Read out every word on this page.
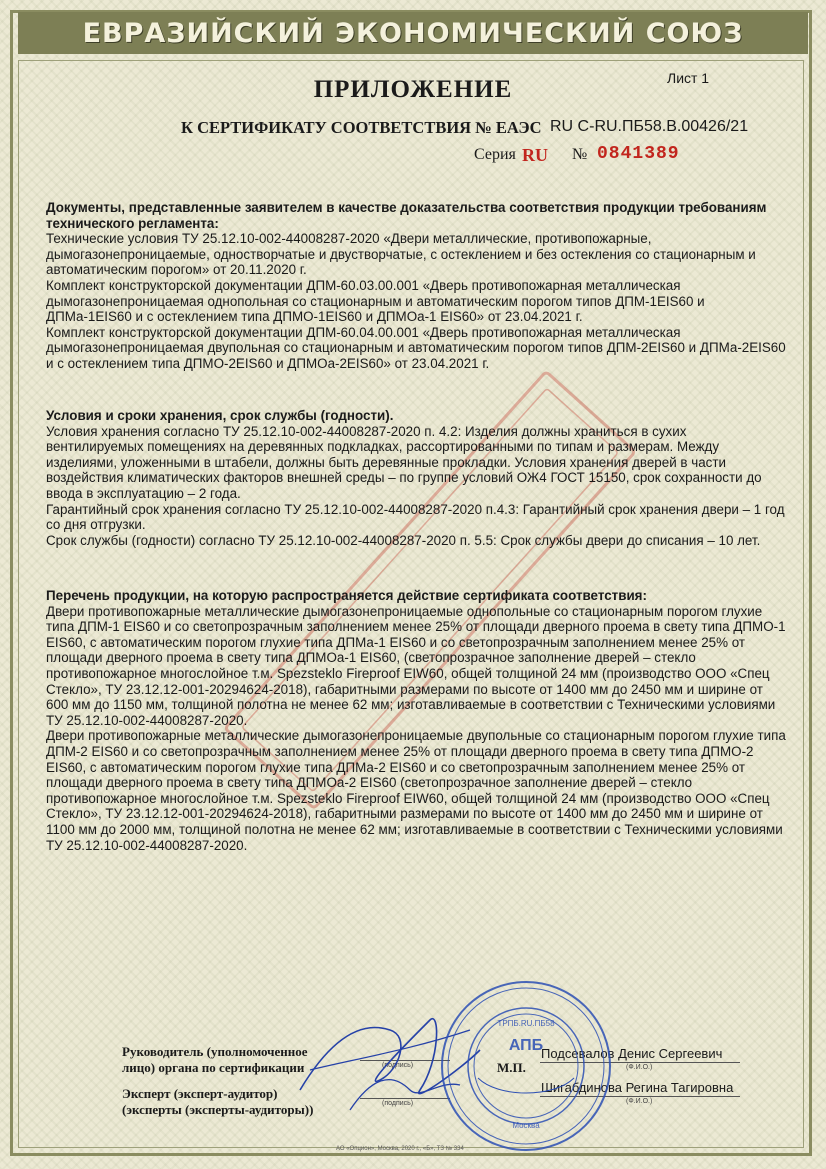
ЕВРАЗИЙСКИЙ ЭКОНОМИЧЕСКИЙ СОЮЗ
Лист 1
ПРИЛОЖЕНИЕ
К СЕРТИФИКАТУ СООТВЕТСТВИЯ № ЕАЭС RU С-RU.ПБ58.В.00426/21
Серия RU № 0841389

Документы, представленные заявителем в качестве доказательства соответствия продукции требованиям технического регламента:

Технические условия ТУ 25.12.10-002-44008287-2020 «Двери металлические, противопожарные, дымогазонепроницаемые, одностворчатые и двустворчатые, с остеклением и без остекления со стационарным и автоматическим порогом» от 20.11.2020 г.

Комплект конструкторской документации ДПМ-60.03.00.001 «Дверь противопожарная металлическая дымогазонепроницаемая однопольная со стационарным и автоматическим порогом типов ДПМ-1EIS60 и ДПМа-1EIS60 и с остеклением типа ДПМО-1EIS60 и ДПМОа-1 EIS60» от 23.04.2021 г.

Комплект конструкторской документации ДПМ-60.04.00.001 «Дверь противопожарная металлическая дымогазонепроницаемая двупольная со стационарным и автоматическим порогом типов ДПМ-2EIS60 и ДПМа-2EIS60 и с остеклением типа ДПМО-2EIS60 и ДПМОа-2EIS60» от 23.04.2021 г.

Условия и сроки хранения, срок службы (годности).

Условия хранения согласно ТУ 25.12.10-002-44008287-2020 п. 4.2: Изделия должны храниться в сухих вентилируемых помещениях на деревянных подкладках, рассортированными по типам и размерам. Между изделиями, уложенными в штабели, должны быть деревянные прокладки. Условия хранения дверей в части воздействия климатических факторов внешней среды – по группе условий ОЖ4 ГОСТ 15150, срок сохранности до ввода в эксплуатацию – 2 года.

Гарантийный срок хранения согласно ТУ 25.12.10-002-44008287-2020 п.4.3: Гарантийный срок хранения двери – 1 год со дня отгрузки.

Срок службы (годности) согласно ТУ 25.12.10-002-44008287-2020 п. 5.5: Срок службы двери до списания – 10 лет.

Перечень продукции, на которую распространяется действие сертификата соответствия:

Двери противопожарные металлические дымогазонепроницаемые однопольные со стационарным порогом глухие типа ДПМ-1 EIS60 и со светопрозрачным заполнением менее 25% от площади дверного проема в свету типа ДПМО-1 EIS60, с автоматическим порогом глухие типа ДПМа-1 EIS60 и со светопрозрачным заполнением менее 25% от площади дверного проема в свету типа ДПМОа-1 EIS60, (светопрозрачное заполнение дверей – стекло противопожарное многослойное т.м. Spezsteklo Fireproof EIW60, общей толщиной 24 мм (производство ООО «Спец Стекло», ТУ 23.12.12-001-20294624-2018), габаритными размерами по высоте от 1400 мм до 2450 мм и ширине от 600 мм до 1150 мм, толщиной полотна не менее 62 мм; изготавливаемые в соответствии с Техническими условиями ТУ 25.12.10-002-44008287-2020.

Двери противопожарные металлические дымогазонепроницаемые двупольные со стационарным порогом глухие типа ДПМ-2 EIS60 и со светопрозрачным заполнением менее 25% от площади дверного проема в свету типа ДПМО-2 EIS60, с автоматическим порогом глухие типа ДПМа-2 EIS60 и со светопрозрачным заполнением менее 25% от площади дверного проема в свету типа ДПМОа-2 EIS60 (светопрозрачное заполнение дверей – стекло противопожарное многослойное т.м. Spezsteklo Fireproof EIW60, общей толщиной 24 мм (производство ООО «Спец Стекло», ТУ 23.12.12-001-20294624-2018), габаритными размерами по высоте от 1400 мм до 2450 мм и ширине от 1100 мм до 2000 мм, толщиной полотна не менее 62 мм; изготавливаемые в соответствии с Техническими условиями ТУ 25.12.10-002-44008287-2020.

Руководитель (уполномоченное
лицо) органа по сертификации
Эксперт (эксперт-аудитор)
(эксперты (эксперты-аудиторы))
(подпись)
(подпись)
М.П.
Подсевалов Денис Сергеевич
(Ф.И.О.)
Шигабдинова Регина Тагировна
(Ф.И.О.)
АПБ
ТРПБ.RU.ПБ58
Москва
АО «Опцион», Москва, 2020 г., «Б», ТЗ № 334
